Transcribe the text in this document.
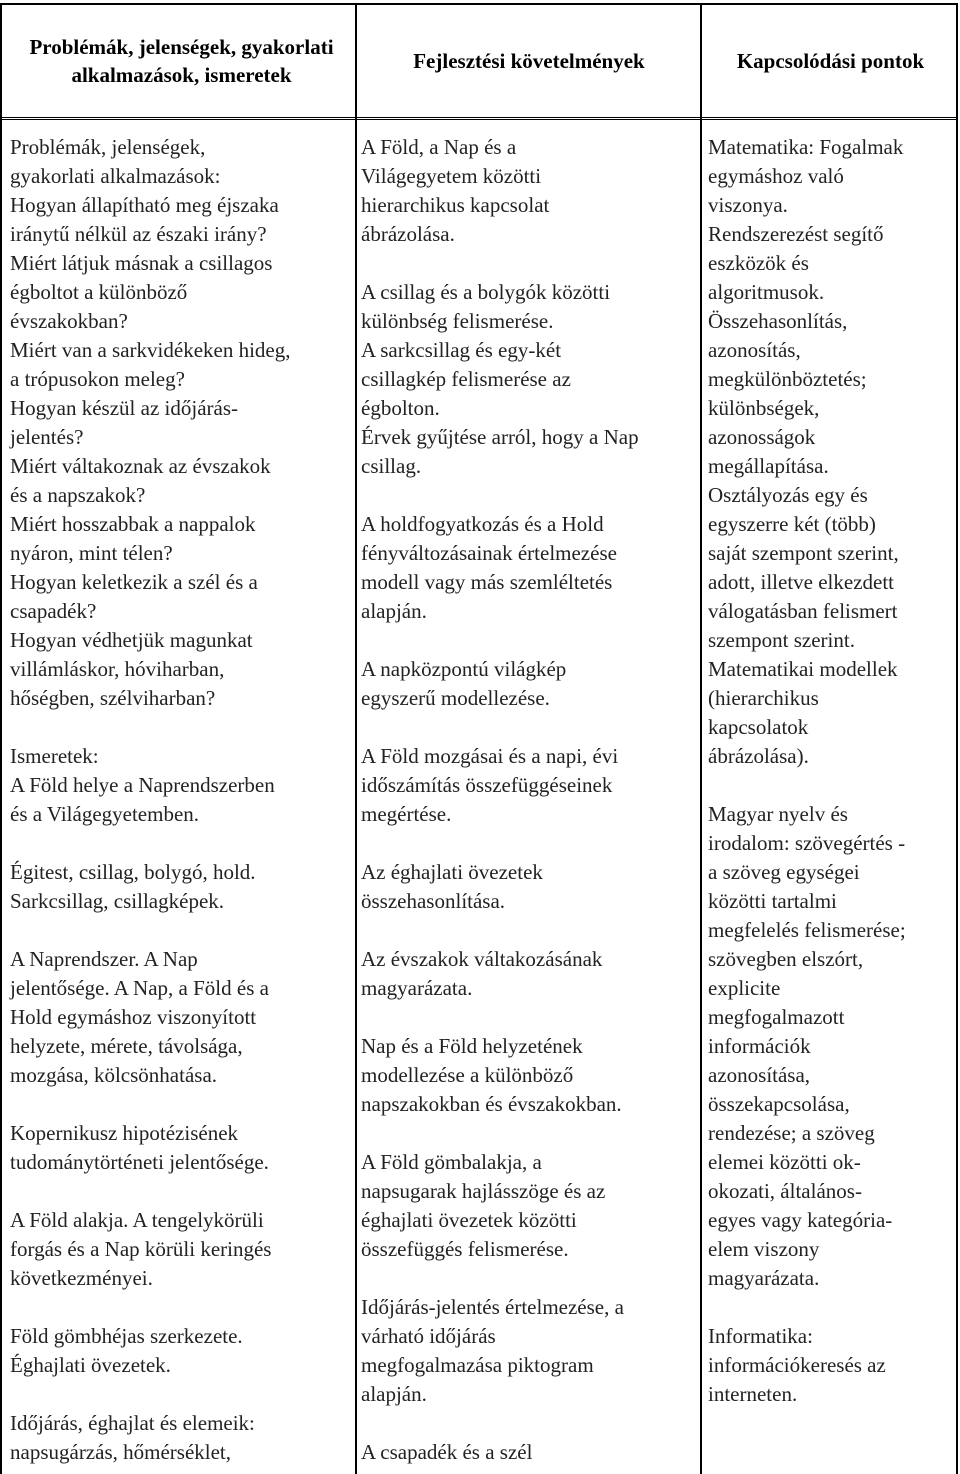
Problémák, jelenségek, gyakorlati alkalmazások, ismeretek
Fejlesztési követelmények	Kapcsolódási pontok

Problémák, jelenségek,

gyakorlati alkalmazások:

Hogyan állapítható meg éjszaka

iránytű nélkül az északi irány?

Miért látjuk másnak a csillagos

égboltot a különböző

évszakokban?

Miért van a sarkvidékeken hideg,

a trópusokon meleg?

Hogyan készül az időjárás-

jelentés?

Miért váltakoznak az évszakok

és a napszakok?

Miért hosszabbak a nappalok

nyáron, mint télen?

Hogyan keletkezik a szél és a

csapadék?

Hogyan védhetjük magunkat

villámláskor, hóviharban,

hőségben, szélviharban?

Ismeretek:

A Föld helye a Naprendszerben

és a Világegyetemben.

Égitest, csillag, bolygó, hold.

Sarkcsillag, csillagképek.

A Naprendszer. A Nap

jelentősége. A Nap, a Föld és a

Hold egymáshoz viszonyított

helyzete, mérete, távolsága,

mozgása, kölcsönhatása.

Kopernikusz hipotézisének

tudománytörténeti jelentősége.

A Föld alakja. A tengelykörüli

forgás és a Nap körüli keringés

következményei.

Föld gömbhéjas szerkezete.

Éghajlati övezetek.

Időjárás, éghajlat és elemeik:

napsugárzás, hőmérséklet,

A Föld, a Nap és a

Világegyetem közötti

hierarchikus kapcsolat

ábrázolása.

A csillag és a bolygók közötti

különbség felismerése.

A sarkcsillag és egy-két

csillagkép felismerése az

égbolton.

Érvek gyűjtése arról, hogy a Nap

csillag.

A holdfogyatkozás és a Hold

fényváltozásainak értelmezése

modell vagy más szemléltetés

alapján.

A napközpontú világkép

egyszerű modellezése.

A Föld mozgásai és a napi, évi

időszámítás összefüggéseinek

megértése.

Az éghajlati övezetek

összehasonlítása.

Az évszakok váltakozásának

magyarázata.

Nap és a Föld helyzetének

modellezése a különböző

napszakokban és évszakokban.

A Föld gömbalakja, a

napsugarak hajlásszöge és az

éghajlati övezetek közötti

összefüggés felismerése.

Időjárás-jelentés értelmezése, a

várható időjárás

megfogalmazása piktogram

alapján.

A csapadék és a szél

Matematika: Fogalmak

egymáshoz való

viszonya.

Rendszerezést segítő

eszközök és

algoritmusok.

Összehasonlítás,

azonosítás,

megkülönböztetés;

különbségek,

azonosságok

megállapítása.

Osztályozás egy és

egyszerre két (több)

saját szempont szerint,

adott, illetve elkezdett

válogatásban felismert

szempont szerint.

Matematikai modellek

(hierarchikus

kapcsolatok

ábrázolása).

Magyar nyelv és

irodalom: szövegértés -

a szöveg egységei

közötti tartalmi

megfelelés felismerése;

szövegben elszórt,

explicite

megfogalmazott

információk

azonosítása,

összekapcsolása,

rendezése; a szöveg

elemei közötti ok-

okozati, általános-

egyes vagy kategória-

elem viszony

magyarázata.

Informatika:

információkeresés az

interneten.
